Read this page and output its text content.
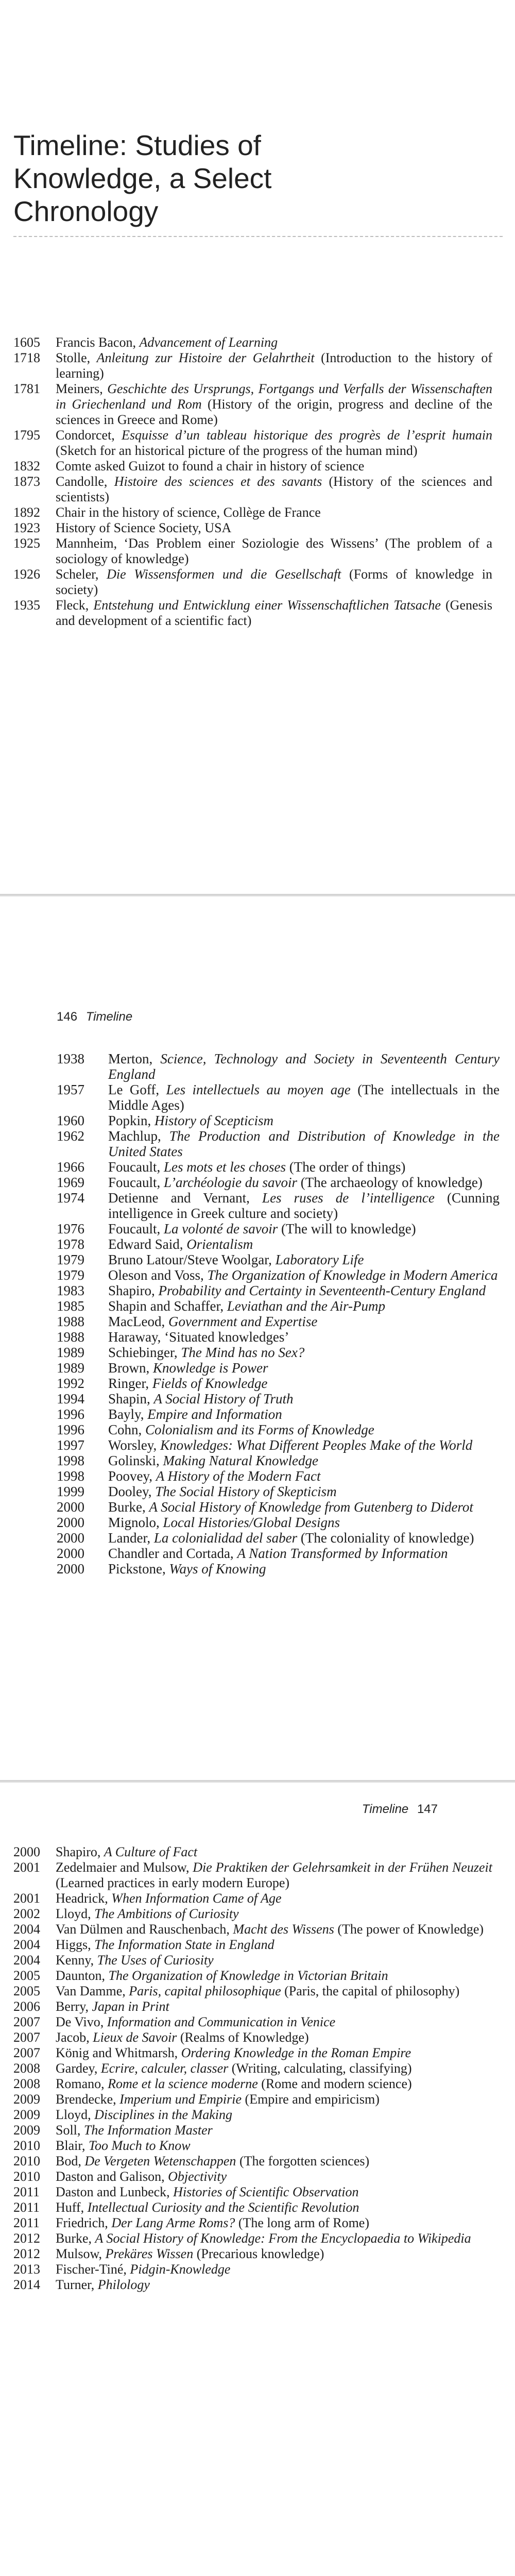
Timeline: Studies of Knowledge, a Select Chronology
1605	Francis Bacon, Advancement of Learning
1718	Stolle, Anleitung zur Histoire der Gelahrtheit (Introduction to the history of learning)
1781	Meiners, Geschichte des Ursprungs, Fortgangs und Verfalls der Wissenschaften in Griechenland und Rom (History of the origin, progress and decline of the sciences in Greece and Rome)
1795	Condorcet, Esquisse d’un tableau historique des progrès de l’esprit humain (Sketch for an historical picture of the progress of the human mind)
1832	Comte asked Guizot to found a chair in history of science
1873	Candolle, Histoire des sciences et des savants (History of the sciences and scientists)
1892	Chair in the history of science, Collège de France
1923	History of Science Society, USA
1925	Mannheim, ‘Das Problem einer Soziologie des Wissens’ (The problem of a sociology of knowledge)
1926	Scheler, Die Wissensformen und die Gesellschaft (Forms of knowledge in society)
1935	Fleck, Entstehung und Entwicklung einer Wissenschaftlichen Tatsache (Genesis and development of a scientific fact)
146 Timeline
1938	Merton, Science, Technology and Society in Seventeenth Century England
1957	Le Goff, Les intellectuels au moyen age (The intellectuals in the Middle Ages)
1960	Popkin, History of Scepticism
1962	Machlup, The Production and Distribution of Knowledge in the United States
1966	Foucault, Les mots et les choses (The order of things)
1969	Foucault, L’archéologie du savoir (The archaeology of knowledge)
1974	Detienne and Vernant, Les ruses de l’intelligence (Cunning intelligence in Greek culture and society)
1976	Foucault, La volonté de savoir (The will to knowledge)
1978	Edward Said, Orientalism
1979	Bruno Latour/Steve Woolgar, Laboratory Life
1979	Oleson and Voss, The Organization of Knowledge in Modern America
1983	Shapiro, Probability and Certainty in Seventeenth-Century England
1985	Shapin and Schaffer, Leviathan and the Air-Pump
1988	MacLeod, Government and Expertise
1988	Haraway, ‘Situated knowledges’
1989	Schiebinger, The Mind has no Sex?
1989	Brown, Knowledge is Power
1992	Ringer, Fields of Knowledge
1994	Shapin, A Social History of Truth
1996	Bayly, Empire and Information
1996	Cohn, Colonialism and its Forms of Knowledge
1997	Worsley, Knowledges: What Different Peoples Make of the World
1998	Golinski, Making Natural Knowledge
1998	Poovey, A History of the Modern Fact
1999	Dooley, The Social History of Skepticism
2000	Burke, A Social History of Knowledge from Gutenberg to Diderot
2000	Mignolo, Local Histories/Global Designs
2000	Lander, La colonialidad del saber (The coloniality of knowledge)
2000	Chandler and Cortada, A Nation Transformed by Information
2000	Pickstone, Ways of Knowing
Timeline 147
2000	Shapiro, A Culture of Fact
2001	Zedelmaier and Mulsow, Die Praktiken der Gelehrsamkeit in der Frühen Neuzeit (Learned practices in early modern Europe)
2001	Headrick, When Information Came of Age
2002	Lloyd, The Ambitions of Curiosity
2004	Van Dülmen and Rauschenbach, Macht des Wissens (The power of Knowledge)
2004	Higgs, The Information State in England
2004	Kenny, The Uses of Curiosity
2005	Daunton, The Organization of Knowledge in Victorian Britain
2005	Van Damme, Paris, capital philosophique (Paris, the capital of philosophy)
2006	Berry, Japan in Print
2007	De Vivo, Information and Communication in Venice
2007	Jacob, Lieux de Savoir (Realms of Knowledge)
2007	König and Whitmarsh, Ordering Knowledge in the Roman Empire
2008	Gardey, Ecrire, calculer, classer (Writing, calculating, classifying)
2008	Romano, Rome et la science moderne (Rome and modern science)
2009	Brendecke, Imperium und Empirie (Empire and empiricism)
2009	Lloyd, Disciplines in the Making
2009	Soll, The Information Master
2010	Blair, Too Much to Know
2010	Bod, De Vergeten Wetenschappen (The forgotten sciences)
2010	Daston and Galison, Objectivity
2011	Daston and Lunbeck, Histories of Scientific Observation
2011	Huff, Intellectual Curiosity and the Scientific Revolution
2011	Friedrich, Der Lang Arme Roms? (The long arm of Rome)
2012	Burke, A Social History of Knowledge: From the Encyclopaedia to Wikipedia
2012	Mulsow, Prekäres Wissen (Precarious knowledge)
2013	Fischer-Tiné, Pidgin-Knowledge
2014	Turner, Philology
